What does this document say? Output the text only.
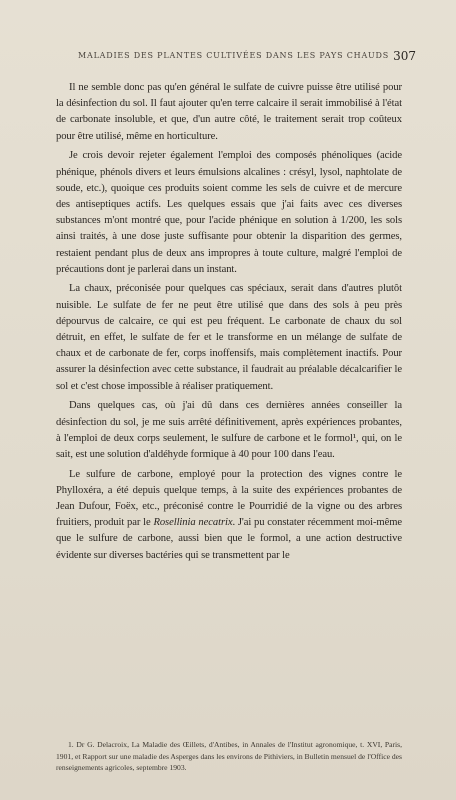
MALADIES DES PLANTES CULTIVÉES DANS LES PAYS CHAUDS 307

Il ne semble donc pas qu'en général le sulfate de cuivre puisse être utilisé pour la désinfection du sol. Il faut ajouter qu'en terre calcaire il serait immobilisé à l'état de carbonate insoluble, et que, d'un autre côté, le traitement serait trop coûteux pour être utilisé, même en horticulture.

Je crois devoir rejeter également l'emploi des composés phénoliques (acide phénique, phénols divers et leurs émulsions alcalines : crésyl, lysol, naphtolate de soude, etc.), quoique ces produits soient comme les sels de cuivre et de mercure des antiseptiques actifs. Les quelques essais que j'ai faits avec ces diverses substances m'ont montré que, pour l'acide phénique en solution à 1/200, les sols ainsi traités, à une dose juste suffisante pour obtenir la disparition des germes, restaient pendant plus de deux ans impropres à toute culture, malgré l'emploi de précautions dont je parlerai dans un instant.

La chaux, préconisée pour quelques cas spéciaux, serait dans d'autres plutôt nuisible. Le sulfate de fer ne peut être utilisé que dans des sols à peu près dépourvus de calcaire, ce qui est peu fréquent. Le carbonate de chaux du sol détruit, en effet, le sulfate de fer et le transforme en un mélange de sulfate de chaux et de carbonate de fer, corps inoffensifs, mais complètement inactifs. Pour assurer la désinfection avec cette substance, il faudrait au préalable décalcarifier le sol et c'est chose impossible à réaliser pratiquement.

Dans quelques cas, où j'ai dû dans ces dernières années conseiller la désinfection du sol, je me suis arrêté définitivement, après expériences probantes, à l'emploi de deux corps seulement, le sulfure de carbone et le formol¹, qui, on le sait, est une solution d'aldéhyde formique à 40 pour 100 dans l'eau.

Le sulfure de carbone, employé pour la protection des vignes contre le Phylloxéra, a été depuis quelque temps, à la suite des expériences probantes de Jean Dufour, Foëx, etc., préconisé contre le Pourridié de la vigne ou des arbres fruitiers, produit par le Rosellinia necatrix. J'ai pu constater récemment moi-même que le sulfure de carbone, aussi bien que le formol, a une action destructive évidente sur diverses bactéries qui se transmettent par le

1. Dr G. Delacroix, La Maladie des Œillets, d'Antibes, in Annales de l'Institut agronomique, t. XVI, Paris, 1901, et Rapport sur une maladie des Asperges dans les environs de Pithiviers, in Bulletin mensuel de l'Office des renseignements agricoles, septembre 1903.
